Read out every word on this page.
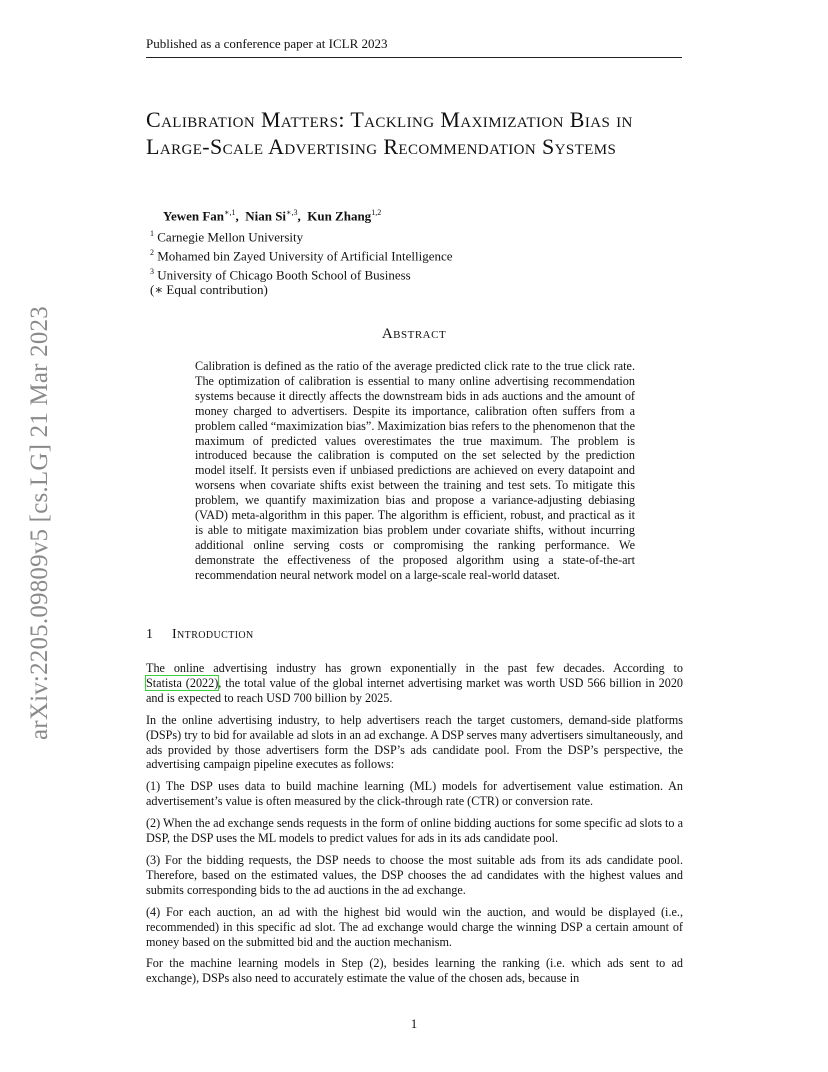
Published as a conference paper at ICLR 2023
arXiv:2205.09809v5 [cs.LG] 21 Mar 2023
Calibration Matters: Tackling Maximization Bias in Large-Scale Advertising Recommendation Systems
Yewen Fan$^{∗,1}$,  Nian $Si^{∗,3}$,  Kun Zhang$^{1,2}$
$^1$ Carnegie Mellon University
$^2$ Mohamed bin Zayed University of Artificial Intelligence
$^3$ University of Chicago Booth School of Business
(∗ Equal contribution)
Abstract
Calibration is defined as the ratio of the average predicted click rate to the true click rate. The optimization of calibration is essential to many online advertising recommendation systems because it directly affects the downstream bids in ads auctions and the amount of money charged to advertisers. Despite its importance, calibration often suffers from a problem called “maximization bias”. Maximization bias refers to the phenomenon that the maximum of predicted values overestimates the true maximum. The problem is introduced because the calibration is computed on the set selected by the prediction model itself. It persists even if unbiased predictions are achieved on every datapoint and worsens when covariate shifts exist between the training and test sets. To mitigate this problem, we quantify maximization bias and propose a variance-adjusting debiasing (VAD) meta-algorithm in this paper. The algorithm is efficient, robust, and practical as it is able to mitigate maximization bias problem under covariate shifts, without incurring additional online serving costs or compromising the ranking performance. We demonstrate the effectiveness of the proposed algorithm using a state-of-the-art recommendation neural network model on a large-scale real-world dataset.
1 Introduction

The online advertising industry has grown exponentially in the past few decades. According to Statista (2022), the total value of the global internet advertising market was worth USD 566 billion in 2020 and is expected to reach USD 700 billion by 2025.

In the online advertising industry, to help advertisers reach the target customers, demand-side platforms (DSPs) try to bid for available ad slots in an ad exchange. A DSP serves many advertisers simultaneously, and ads provided by those advertisers form the DSP’s ads candidate pool. From the DSP’s perspective, the advertising campaign pipeline executes as follows:

(1) The DSP uses data to build machine learning (ML) models for advertisement value estimation. An advertisement’s value is often measured by the click-through rate (CTR) or conversion rate.

(2) When the ad exchange sends requests in the form of online bidding auctions for some specific ad slots to a DSP, the DSP uses the ML models to predict values for ads in its ads candidate pool.

(3) For the bidding requests, the DSP needs to choose the most suitable ads from its ads candidate pool. Therefore, based on the estimated values, the DSP chooses the ad candidates with the highest values and submits corresponding bids to the ad auctions in the ad exchange.

(4) For each auction, an ad with the highest bid would win the auction, and would be displayed (i.e., recommended) in this specific ad slot. The ad exchange would charge the winning DSP a certain amount of money based on the submitted bid and the auction mechanism.

For the machine learning models in Step (2), besides learning the ranking (i.e. which ads sent to ad exchange), DSPs also need to accurately estimate the value of the chosen ads, because in

1
